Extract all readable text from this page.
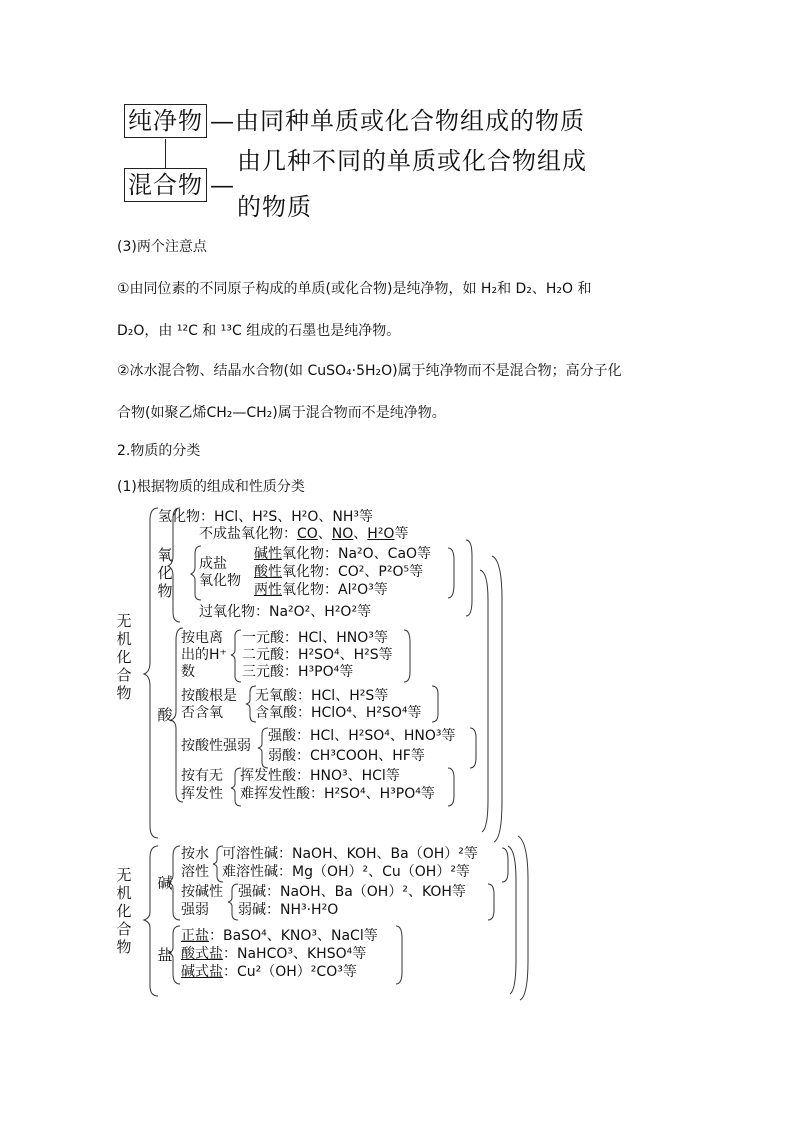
纯净物 —由同种单质或化合物组成的物质
混合物 —
由几种不同的单质或化合物组成
的物质
(3)两个注意点
①由同位素的不同原子构成的单质(或化合物)是纯净物，如 H₂和 D₂、H₂O 和
D₂O，由 ¹²C 和 ¹³C 组成的石墨也是纯净物。
②冰水混合物、结晶水合物(如 CuSO₄·5H₂O)属于纯净物而不是混合物；高分子化
合物(如聚乙烯CH₂—CH₂)属于混合物而不是纯净物。
2.物质的分类
(1)根据物质的组成和性质分类
无机化合物
氧化物
氢化物：HCl、H²S、H²O、NH³等
不成盐氧化物：CO、NO、H²O等
成盐
氧化物
碱性氧化物：Na²O、CaO等
酸性氧化物：CO²、P²O⁵等
两性氧化物：Al²O³等
过氧化物：Na²O²、H²O²等
酸
按电离
出的H⁺
数
一元酸：HCl、HNO³等
二元酸：H²SO⁴、H²S等
三元酸：H³PO⁴等
按酸根是
否含氧
无氧酸：HCl、H²S等
含氧酸：HClO⁴、H²SO⁴等
按酸性强弱
强酸：HCl、H²SO⁴、HNO³等
弱酸：CH³COOH、HF等
按有无
挥发性
挥发性酸：HNO³、HCl等
难挥发性酸：H²SO⁴、H³PO⁴等
无机化合物
碱
按水
溶性
可溶性碱：NaOH、KOH、Ba（OH）²等
难溶性碱：Mg（OH）²、Cu（OH）²等
按碱性
强弱
强碱：NaOH、Ba（OH）²、KOH等
弱碱：NH³·H²O
盐
正盐：BaSO⁴、KNO³、NaCl等
酸式盐：NaHCO³、KHSO⁴等
碱式盐：Cu²（OH）²CO³等
